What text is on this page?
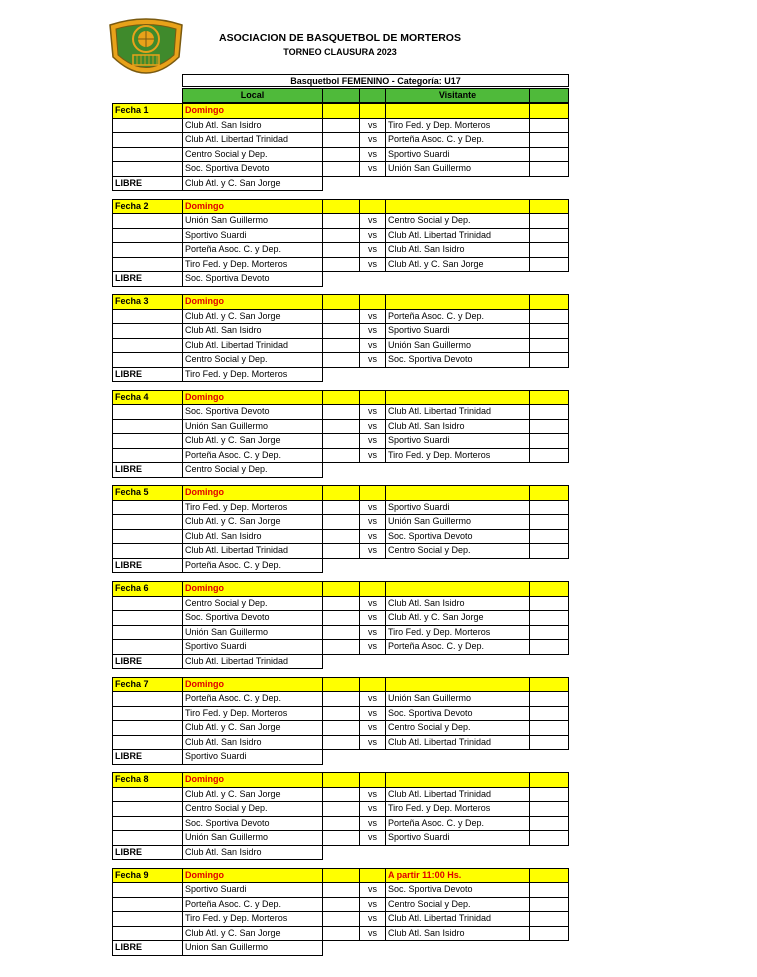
ASOCIACION DE BASQUETBOL DE MORTEROS
TORNEO CLAUSURA 2023
Basquetbol FEMENINO - Categoría: U17
Local	Visitante
Fecha 1	Domingo
Club Atl. San Isidro	vs	Tiro Fed. y Dep. Morteros
Club Atl. Libertad Trinidad	vs	Porteña Asoc. C. y Dep.
Centro Social y Dep.	vs	Sportivo Suardi
Soc. Sportiva Devoto	vs	Unión San Guillermo
LIBRE	Club Atl. y C. San Jorge
Fecha 2	Domingo
Unión San Guillermo	vs	Centro Social y Dep.
Sportivo Suardi	vs	Club Atl. Libertad Trinidad
Porteña Asoc. C. y Dep.	vs	Club Atl. San Isidro
Tiro Fed. y Dep. Morteros	vs	Club Atl. y C. San Jorge
LIBRE	Soc. Sportiva Devoto
Fecha 3	Domingo
Club Atl. y C. San Jorge	vs	Porteña Asoc. C. y Dep.
Club Atl. San Isidro	vs	Sportivo Suardi
Club Atl. Libertad Trinidad	vs	Unión San Guillermo
Centro Social y Dep.	vs	Soc. Sportiva Devoto
LIBRE	Tiro Fed. y Dep. Morteros
Fecha 4	Domingo
Soc. Sportiva Devoto	vs	Club Atl. Libertad Trinidad
Unión San Guillermo	vs	Club Atl. San Isidro
Club Atl. y C. San Jorge	vs	Sportivo Suardi
Porteña Asoc. C. y Dep.	vs	Tiro Fed. y Dep. Morteros
LIBRE	Centro Social y Dep.
Fecha 5	Domingo
Tiro Fed. y Dep. Morteros	vs	Sportivo Suardi
Club Atl. y C. San Jorge	vs	Unión San Guillermo
Club Atl. San Isidro	vs	Soc. Sportiva Devoto
Club Atl. Libertad Trinidad	vs	Centro Social y Dep.
LIBRE	Porteña Asoc. C. y Dep.
Fecha 6	Domingo
Centro Social y Dep.	vs	Club Atl. San Isidro
Soc. Sportiva Devoto	vs	Club Atl. y C. San Jorge
Unión San Guillermo	vs	Tiro Fed. y Dep. Morteros
Sportivo Suardi	vs	Porteña Asoc. C. y Dep.
LIBRE	Club Atl. Libertad Trinidad
Fecha 7	Domingo
Porteña Asoc. C. y Dep.	vs	Unión San Guillermo
Tiro Fed. y Dep. Morteros	vs	Soc. Sportiva Devoto
Club Atl. y C. San Jorge	vs	Centro Social y Dep.
Club Atl. San Isidro	vs	Club Atl. Libertad Trinidad
LIBRE	Sportivo Suardi
Fecha 8	Domingo
Club Atl. y C. San Jorge	vs	Club Atl. Libertad Trinidad
Centro Social y Dep.	vs	Tiro Fed. y Dep. Morteros
Soc. Sportiva Devoto	vs	Porteña Asoc. C. y Dep.
Unión San Guillermo	vs	Sportivo Suardi
LIBRE	Club Atl. San Isidro
Fecha 9	Domingo	A partir 11:00 Hs.
Sportivo Suardi	vs	Soc. Sportiva Devoto
Porteña Asoc. C. y Dep.	vs	Centro Social y Dep.
Tiro Fed. y Dep. Morteros	vs	Club Atl. Libertad Trinidad
Club Atl. y C. San Jorge	vs	Club Atl. San Isidro
LIBRE	Union San Guillermo
